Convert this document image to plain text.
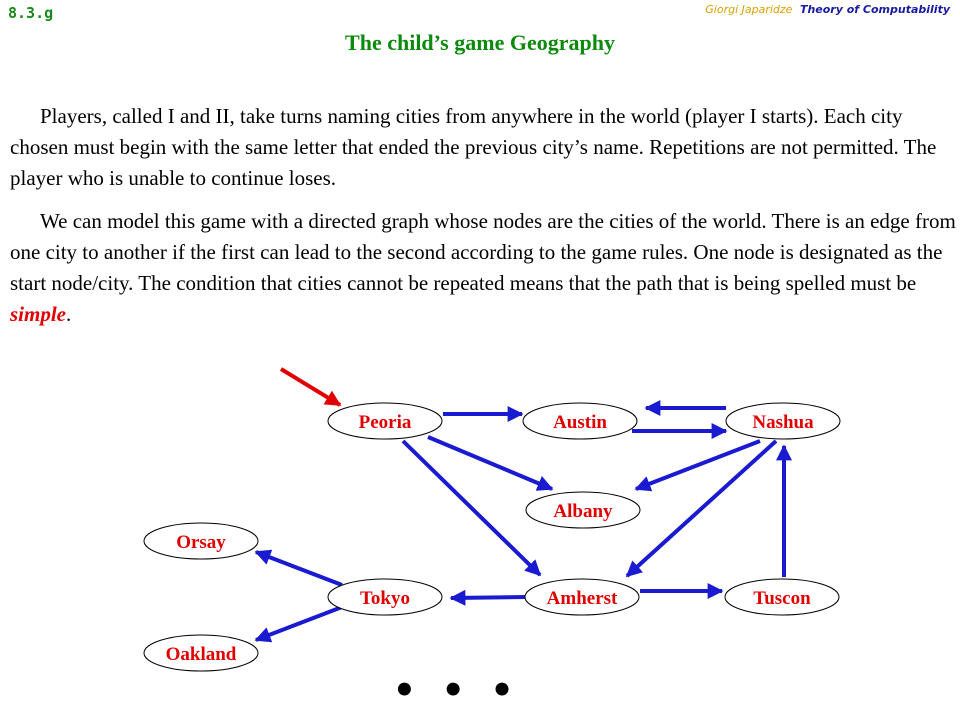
8.3.g	Giorgi Japaridze Theory of Computability
The child’s game Geography

Players, called I and II, take turns naming cities from anywhere in the world (player I starts). Each city chosen must begin with the same letter that ended the previous city’s name. Repetitions are not permitted. The player who is unable to continue loses.

We can model this game with a directed graph whose nodes are the cities of the world. There is an edge from one city to another if the first can lead to the second according to the game rules. One node is designated as the start node/city. The condition that cities cannot be repeated means that the path that is being spelled must be simple.

Peoria	Austin	Nashua
Albany
Orsay
Tokyo	Amherst	Tuscon
Oakland
• • •
